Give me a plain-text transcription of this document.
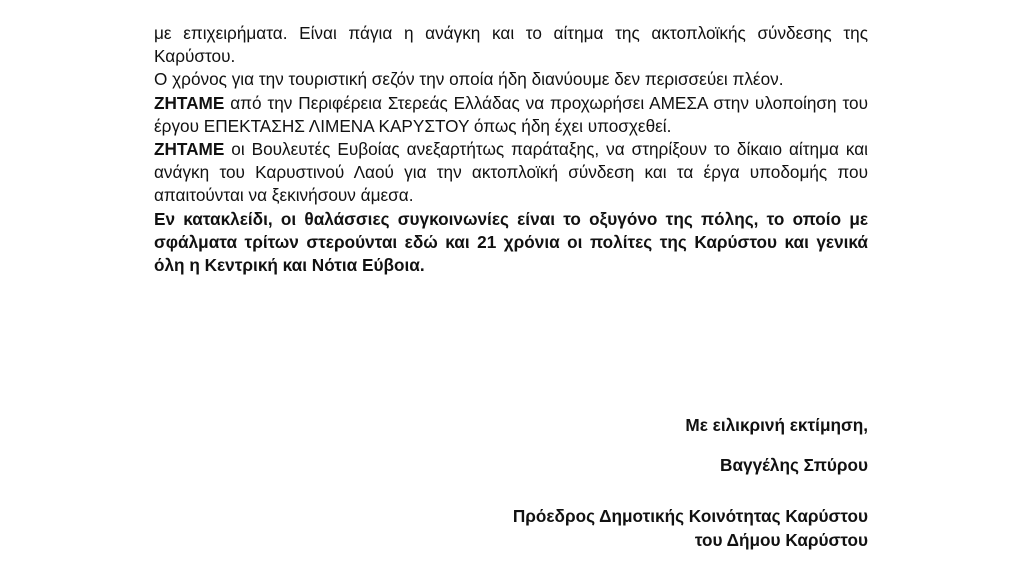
με επιχειρήματα. Είναι πάγια η ανάγκη και το αίτημα της ακτοπλοϊκής σύνδεσης της Καρύστου.

Ο χρόνος για την τουριστική σεζόν την οποία ήδη διανύουμε δεν περισσεύει πλέον.

ΖΗΤΑΜΕ από την Περιφέρεια Στερεάς Ελλάδας να προχωρήσει ΑΜΕΣΑ στην υλοποίηση του έργου ΕΠΕΚΤΑΣΗΣ ΛΙΜΕΝΑ ΚΑΡΥΣΤΟΥ όπως ήδη έχει υποσχεθεί.

ΖΗΤΑΜΕ οι Βουλευτές Ευβοίας ανεξαρτήτως παράταξης, να στηρίξουν το δίκαιο αίτημα και ανάγκη του Καρυστινού Λαού για την ακτοπλοϊκή σύνδεση και τα έργα υποδομής που απαιτούνται να ξεκινήσουν άμεσα.

Εν κατακλείδι, οι θαλάσσιες συγκοινωνίες είναι το οξυγόνο της πόλης, το οποίο με σφάλματα τρίτων στερούνται εδώ και 21 χρόνια οι πολίτες της Καρύστου και γενικά όλη η Κεντρική και Νότια Εύβοια.

Με ειλικρινή εκτίμηση,

Βαγγέλης Σπύρου

Πρόεδρος Δημοτικής Κοινότητας Καρύστου

του Δήμου Καρύστου
